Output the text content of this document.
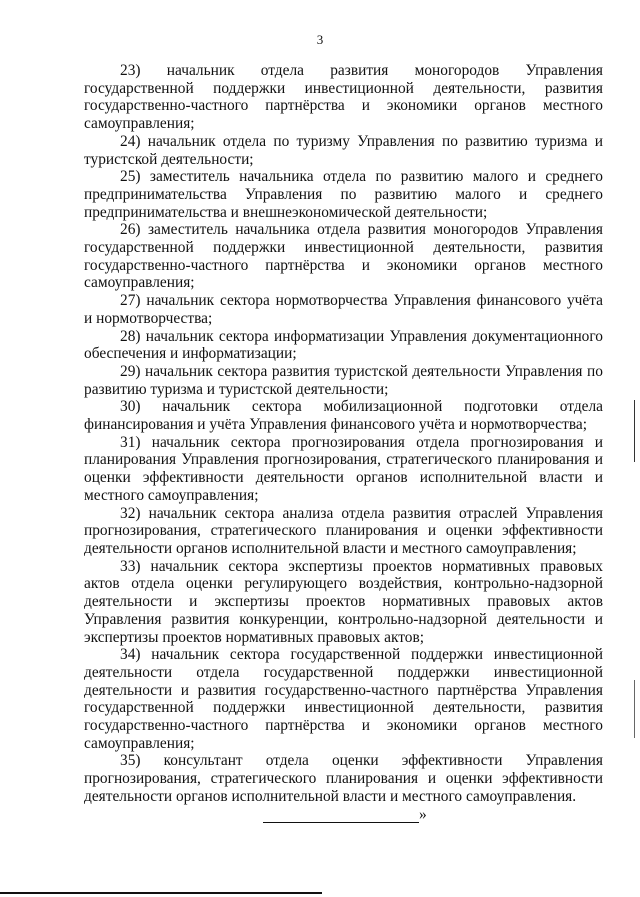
3

23) начальник отдела развития моногородов Управления государственной поддержки инвестиционной деятельности, развития государственно-частного партнёрства и экономики органов местного самоуправления;

24) начальник отдела по туризму Управления по развитию туризма и туристской деятельности;

25) заместитель начальника отдела по развитию малого и среднего предпринимательства Управления по развитию малого и среднего предпринимательства и внешнеэкономической деятельности;

26) заместитель начальника отдела развития моногородов Управления государственной поддержки инвестиционной деятельности, развития государственно-частного партнёрства и экономики органов местного самоуправления;

27) начальник сектора нормотворчества Управления финансового учёта и нормотворчества;

28) начальник сектора информатизации Управления документационного обеспечения и информатизации;

29) начальник сектора развития туристской деятельности Управления по развитию туризма и туристской деятельности;

30) начальник сектора мобилизационной подготовки отдела финансирования и учёта Управления финансового учёта и нормотворчества;

31) начальник сектора прогнозирования отдела прогнозирования и планирования Управления прогнозирования, стратегического планирования и оценки эффективности деятельности органов исполнительной власти и местного самоуправления;

32) начальник сектора анализа отдела развития отраслей Управления прогнозирования, стратегического планирования и оценки эффективности деятельности органов исполнительной власти и местного самоуправления;

33) начальник сектора экспертизы проектов нормативных правовых актов отдела оценки регулирующего воздействия, контрольно-надзорной деятельности и экспертизы проектов нормативных правовых актов Управления развития конкуренции, контрольно-надзорной деятельности и экспертизы проектов нормативных правовых актов;

34) начальник сектора государственной поддержки инвестиционной деятельности отдела государственной поддержки инвестиционной деятельности и развития государственно-частного партнёрства Управления государственной поддержки инвестиционной деятельности, развития государственно-частного партнёрства и экономики органов местного самоуправления;

35) консультант отдела оценки эффективности Управления прогнозирования, стратегического планирования и оценки эффективности деятельности органов исполнительной власти и местного самоуправления.

»
